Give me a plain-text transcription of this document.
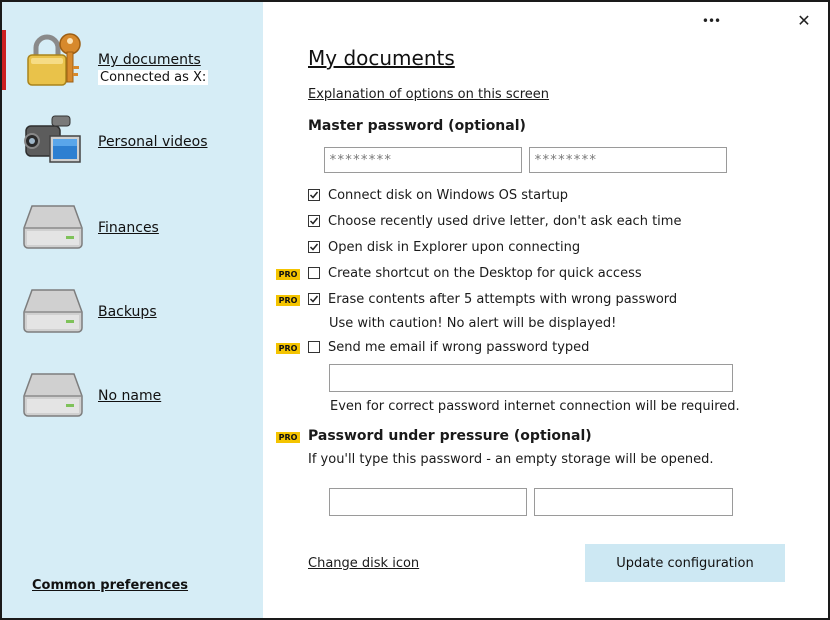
My documents
Connected as X:
Personal videos
Finances
Backups
No name
Common preferences
•••	✕
My documents
Explanation of options on this screen
Master password (optional)
********
********
Connect disk on Windows OS startup
Choose recently used drive letter, don't ask each time
Open disk in Explorer upon connecting
PRO Create shortcut on the Desktop for quick access
PRO Erase contents after 5 attempts with wrong password
Use with caution! No alert will be displayed!
PRO Send me email if wrong password typed
Even for correct password internet connection will be required.
PRO Password under pressure (optional)
If you'll type this password - an empty storage will be opened.
Change disk icon	Update configuration
